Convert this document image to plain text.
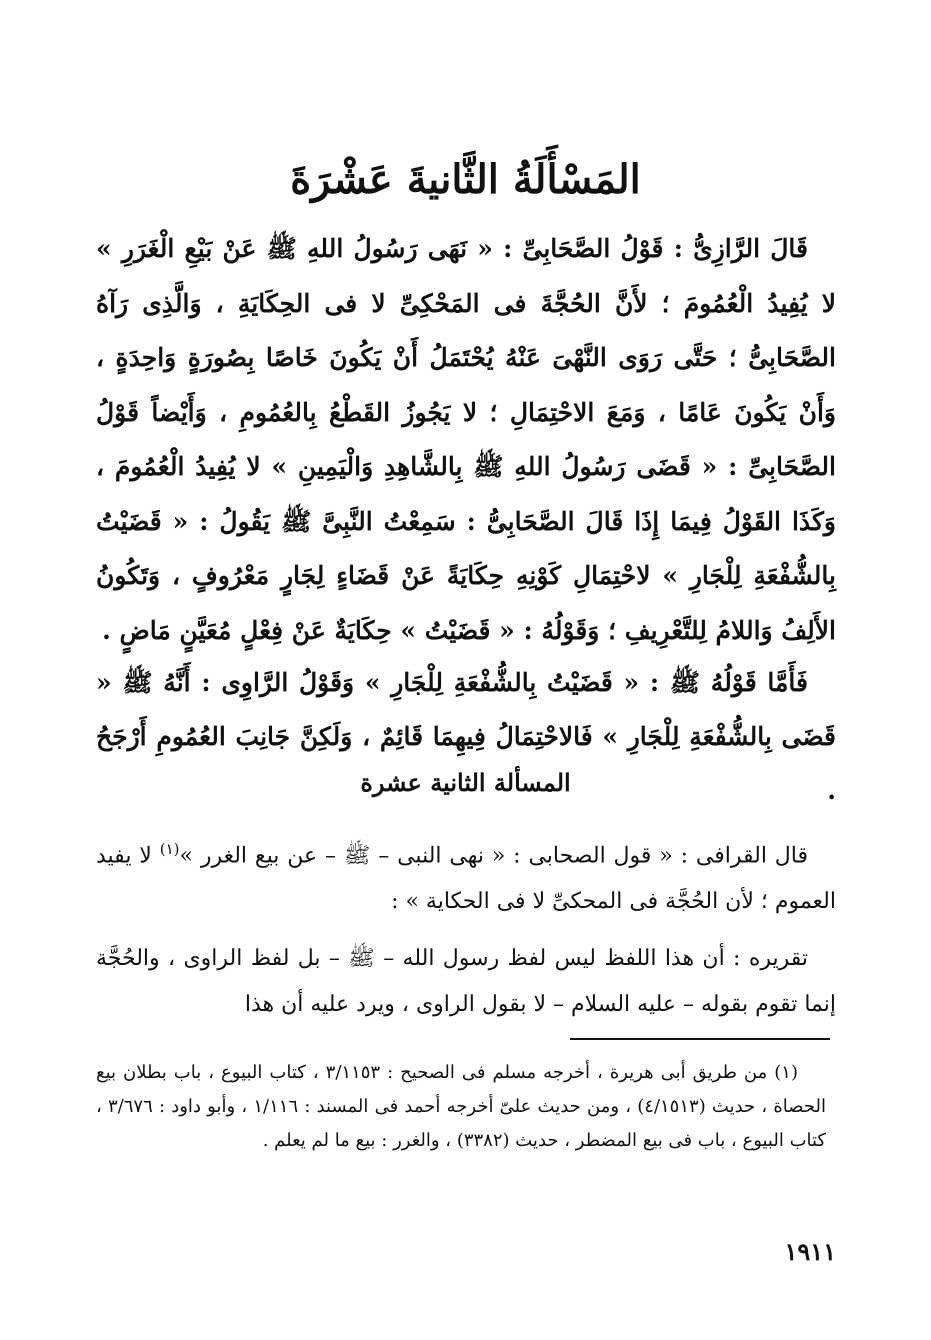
المَسْأَلَةُ الثَّانيةَ عَشْرَةَ

قَالَ الرَّازِىُّ : قَوْلُ الصَّحَابِىِّ : « نَهَى رَسُولُ اللهِ ﷺ عَنْ بَيْعِ الْغَرَرِ » لا يُفِيدُ الْعُمُومَ ؛ لأَنَّ الحُجَّةَ فى المَحْكِىِّ لا فى الحِكَايَةِ ، وَالَّذِى رَآهُ الصَّحَابِىُّ ؛ حَتَّى رَوَى النَّهْىَ عَنْهُ يُحْتَمَلُ أَنْ يَكُونَ خَاصًا بِصُورَةٍ وَاحِدَةٍ ، وَأَنْ يَكُونَ عَامًا ، وَمَعَ الاحْتِمَالِ ؛ لا يَجُوزُ القَطْعُ بِالعُمُومِ ، وَأَيْضاً قَوْلُ الصَّحَابِىِّ : « قَضَى رَسُولُ اللهِ ﷺ بِالشَّاهِدِ وَالْيَمِينِ » لا يُفِيدُ الْعُمُومَ ، وَكَذَا القَوْلُ فِيمَا إِذَا قَالَ الصَّحَابِىُّ : سَمِعْتُ النَّبِىَّ ﷺ يَقُولُ : « قَضَيْتُ بِالشُّفْعَةِ لِلْجَارِ » لاحْتِمَالِ كَوْنِهِ حِكَايَةً عَنْ قَضَاءٍ لِجَارٍ مَعْرُوفٍ ، وَتَكُونُ الأَلِفُ وَاللامُ لِلتَّعْرِيفِ ؛ وَقَوْلُهُ : « قَضَيْتُ » حِكَايَةٌ عَنْ فِعْلٍ مُعَيَّنٍ مَاضٍ .

فَأَمَّا قَوْلُهُ ﷺ : « قَضَيْتُ بِالشُّفْعَةِ لِلْجَارِ » وَقَوْلُ الرَّاوِى : أَنَّهُ ﷺ « قَضَى بِالشُّفْعَةِ لِلْجَارِ » فَالاحْتِمَالُ فِيهِمَا قَائِمٌ ، وَلَكِنَّ جَانِبَ العُمُومِ أَرْجَحُ .

المسألة الثانية عشرة

قال القرافى : « قول الصحابى : « نهى النبى – ﷺ – عن بيع الغرر »$^{(١)}$ لا يفيد العموم ؛ لأن الحُجَّة فى المحكىِّ لا فى الحكاية » :

تقريره : أن هذا اللفظ ليس لفظ رسول الله – ﷺ – بل لفظ الراوى ، والحُجَّة إنما تقوم بقوله – عليه السلام – لا بقول الراوى ، ويرد عليه أن هذا

(١) من طريق أبى هريرة ، أخرجه مسلم فى الصحيح : ٣/١١٥٣ ، كتاب البيوع ، باب بطلان بيع الحصاة ، حديث (٤/١٥١٣) ، ومن حديث علىّ أخرجه أحمد فى المسند : ١/١١٦ ، وأبو داود : ٣/٦٧٦ ، كتاب البيوع ، باب فى بيع المضطر ، حديث (٣٣٨٢) ، والغرر : بيع ما لم يعلم .

١٩١١
